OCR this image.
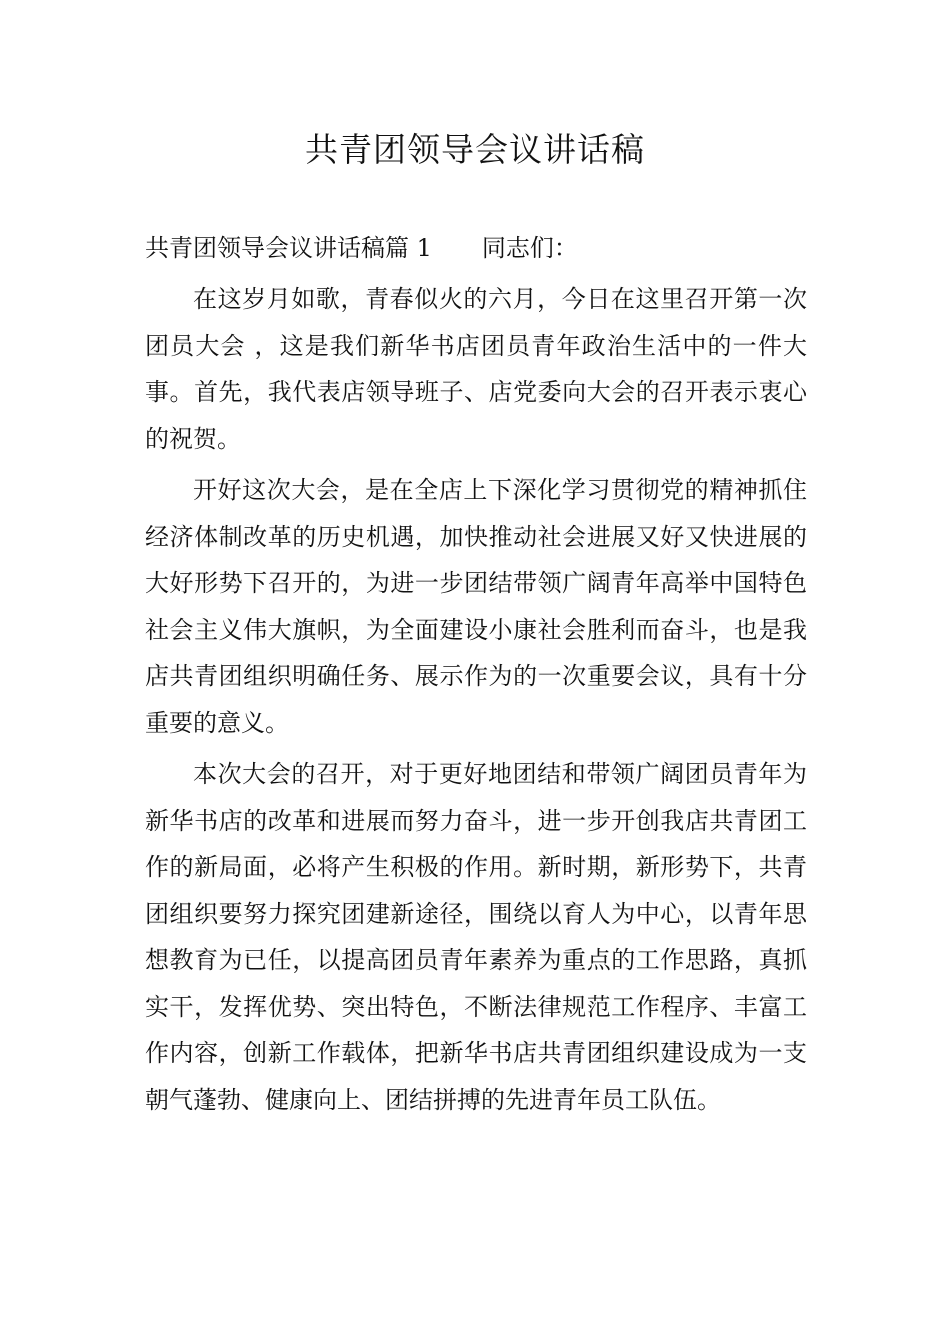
共青团领导会议讲话稿
共青团领导会议讲话稿篇 1 同志们：

在这岁月如歌，青春似火的六月，今日在这里召开第一次团员大会 ，这是我们新华书店团员青年政治生活中的一件大事。首先，我代表店领导班子、店党委向大会的召开表示衷心的祝贺。

开好这次大会，是在全店上下深化学习贯彻党的精神抓住经济体制改革的历史机遇，加快推动社会进展又好又快进展的大好形势下召开的，为进一步团结带领广阔青年高举中国特色社会主义伟大旗帜，为全面建设小康社会胜利而奋斗，也是我店共青团组织明确任务、展示作为的一次重要会议，具有十分重要的意义。

本次大会的召开，对于更好地团结和带领广阔团员青年为新华书店的改革和进展而努力奋斗，进一步开创我店共青团工作的新局面，必将产生积极的作用。新时期，新形势下，共青团组织要努力探究团建新途径，围绕以育人为中心，以青年思想教育为已任，以提高团员青年素养为重点的工作思路，真抓实干，发挥优势、突出特色，不断法律规范工作程序、丰富工作内容，创新工作载体，把新华书店共青团组织建设成为一支朝气蓬勃、健康向上、团结拼搏的先进青年员工队伍。
